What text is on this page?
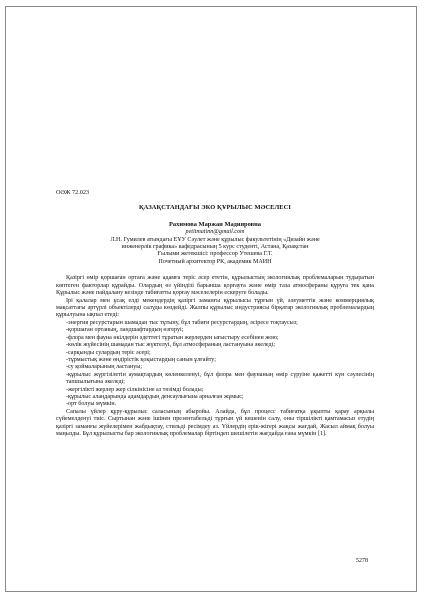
ОӘЖ 72.023

ҚАЗАҚСТАНДАҒЫ ЭКО ҚҰРЫЛЫС МӘСЕЛЕСІ

Рахимова Маржан Мадияровна

petitmatinn@gmail.com

Л.Н. Гумилев атындағы ЕҰУ Сәулет және құрылыс факультетінің «Дизайн және

инженерлік графика» кафедрасының 5 курс студенті, Астана, Қазақстан

Ғылыми жетекшісі: профессор Утешева Г.Т.

Почетный архитектор РК, академик МАИН

Қазіргі өмір қоршаған ортаға және адамға теріс әсер ететін, құрылыстың экологиялық проблемаларын тудыратын көптеген факторлар құрайды. Олардың өз үйіндізі барынша қорғауға және өмір таза атмосфераны құруға тек қана Құрылыс және пайдалану кезінде табиғатты қорғау мәселелерін ескеруге болады.

Ірі қалалар мен ұсақ елді мекендердің қазіргі заманғы құрылысы тұрғын үй, әлеуметтік және коммерциялық мақсаттағы әртүрлі объектілерді салуды көздейді. Жалпы құрылыс индустриясы бірқатар экологиялық проблемалардың құрылуына ықпал етеді:

-энергия ресурстарын шамадан тыс тұтыну, бұл табиғи ресурстардың, әсіресе тоқтаусыз;

-қоршаған ортаның, ландшафтардың өзгеруі;

-флора мен фауна өкілдерін әдеттегі тұратын жерлерден ығыстыру есебінен жою;

-көлік жүйесінің шамадан тыс жүктелуі, бұл атмосфераның ластануына әкеледі;

-сарқынды сулардың теріс әсері;

-тұрмыстық және өндірістік қоқыстардың санын ұлғайту;

-су қоймаларының ластануы;

-құрылыс жүргізілетін аумақтардың көленкеленуі, бұл флора мен фаунаның өмір сүруіне қажетті күн сәулесінің тапшылығына әкеледі;

-жергілікті жерлер жер сілкінісіне аз төзімді болады;

-құрылыс алаңдарында адамдардың денсаулығына арналған жұмыс;

-орт болуы мүмкін.

Сапалы үйлер құру-құрылыс саласының абыройы. Алайда, бұл процесс табиғатқа ұқыпты қарау арқылы сүйемелденуі тиіс. Сыртынан және ішінен презентабельді тұрғын үй кешенін салу, оны тіршілікті қамтамасыз етудің қазіргі заманғы жүйелерімен жабдықтау, стильді ресімдеу аз. Үйлердің ерік-жігері жақсы жағдай, Жасыл аймақ болуы маңызды. Бұл құрылысты бар экологиялық проблемалар біртіндеп шешілетін жағдайда ғана мүмкін [1].

5278
